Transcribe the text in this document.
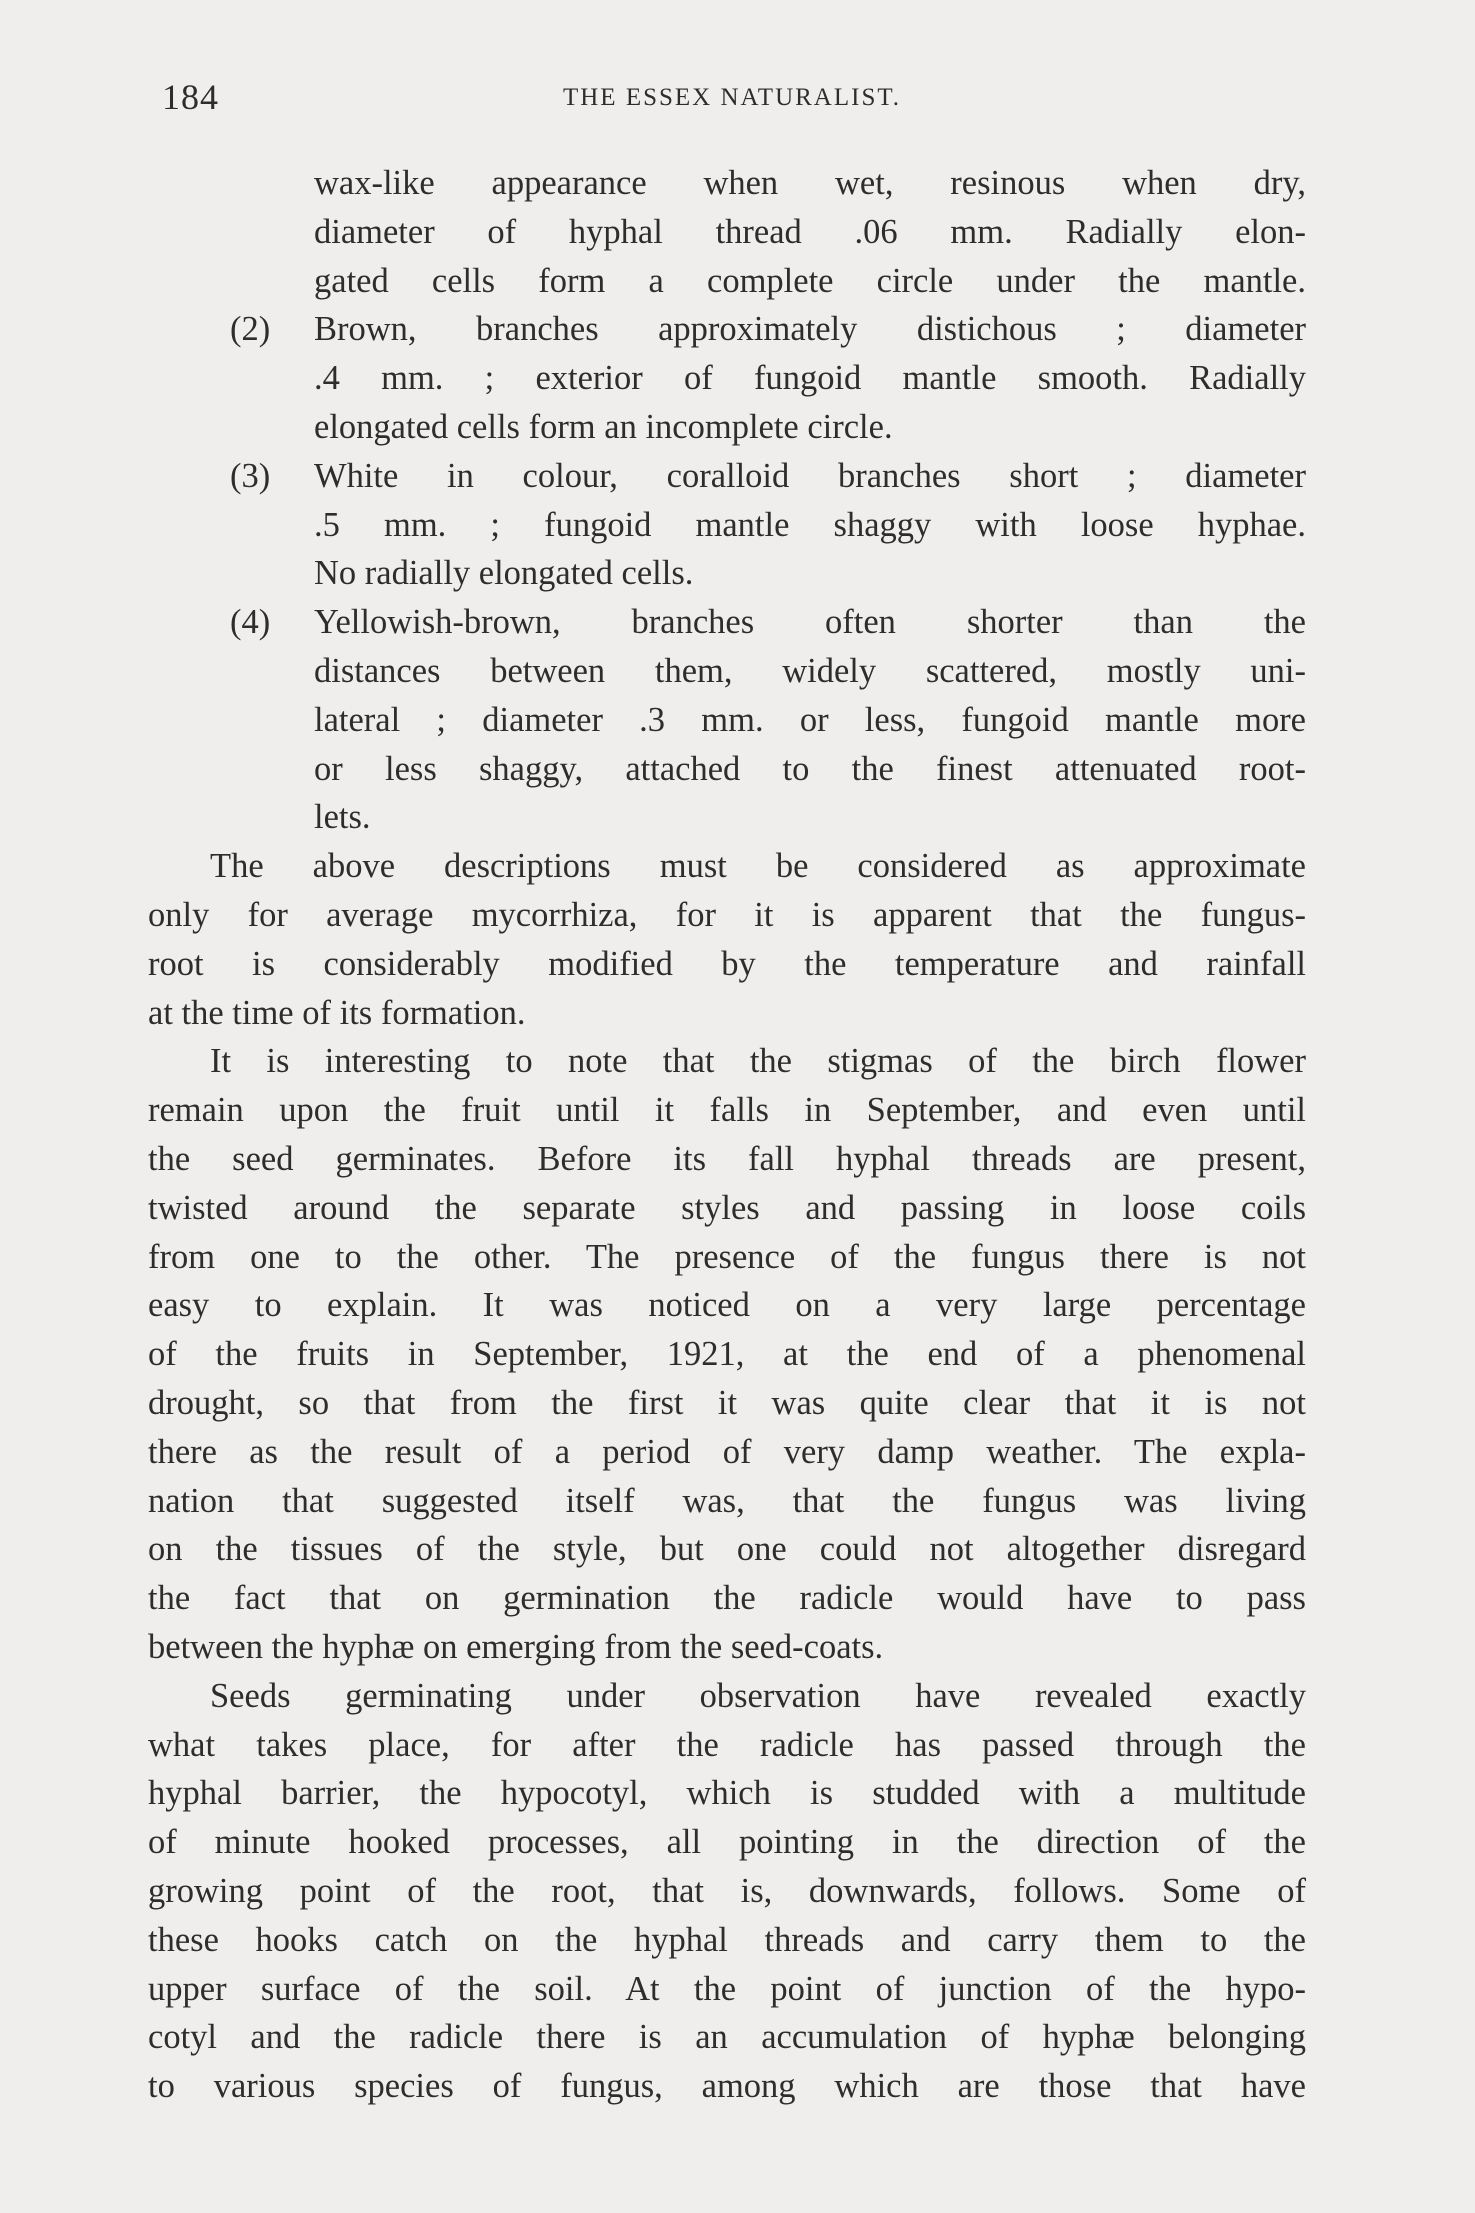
184	THE ESSEX NATURALIST.
wax-like appearance when wet, resinous when dry,
diameter of hyphal thread .06 mm. Radially elon-
gated cells form a complete circle under the mantle.
Brown, branches approximately distichous ; diameter
.4 mm. ; exterior of fungoid mantle smooth. Radially
elongated cells form an incomplete circle.
White in colour, coralloid branches short ; diameter
.5 mm. ; fungoid mantle shaggy with loose hyphae.
No radially elongated cells.
Yellowish-brown, branches often shorter than the
distances between them, widely scattered, mostly uni-
lateral ; diameter .3 mm. or less, fungoid mantle more
or less shaggy, attached to the finest attenuated root-
lets.
The above descriptions must be considered as approximate
only for average mycorrhiza, for it is apparent that the fungus-
root is considerably modified by the temperature and rainfall
at the time of its formation.
It is interesting to note that the stigmas of the birch flower
remain upon the fruit until it falls in September, and even until
the seed germinates. Before its fall hyphal threads are present,
twisted around the separate styles and passing in loose coils
from one to the other. The presence of the fungus there is not
easy to explain. It was noticed on a very large percentage
of the fruits in September, 1921, at the end of a phenomenal
drought, so that from the first it was quite clear that it is not
there as the result of a period of very damp weather. The expla-
nation that suggested itself was, that the fungus was living
on the tissues of the style, but one could not altogether disregard
the fact that on germination the radicle would have to pass
between the hyphæ on emerging from the seed-coats.
Seeds germinating under observation have revealed exactly
what takes place, for after the radicle has passed through the
hyphal barrier, the hypocotyl, which is studded with a multitude
of minute hooked processes, all pointing in the direction of the
growing point of the root, that is, downwards, follows. Some of
these hooks catch on the hyphal threads and carry them to the
upper surface of the soil. At the point of junction of the hypo-
cotyl and the radicle there is an accumulation of hyphæ belonging
to various species of fungus, among which are those that have
(2)
(3)
(4)
